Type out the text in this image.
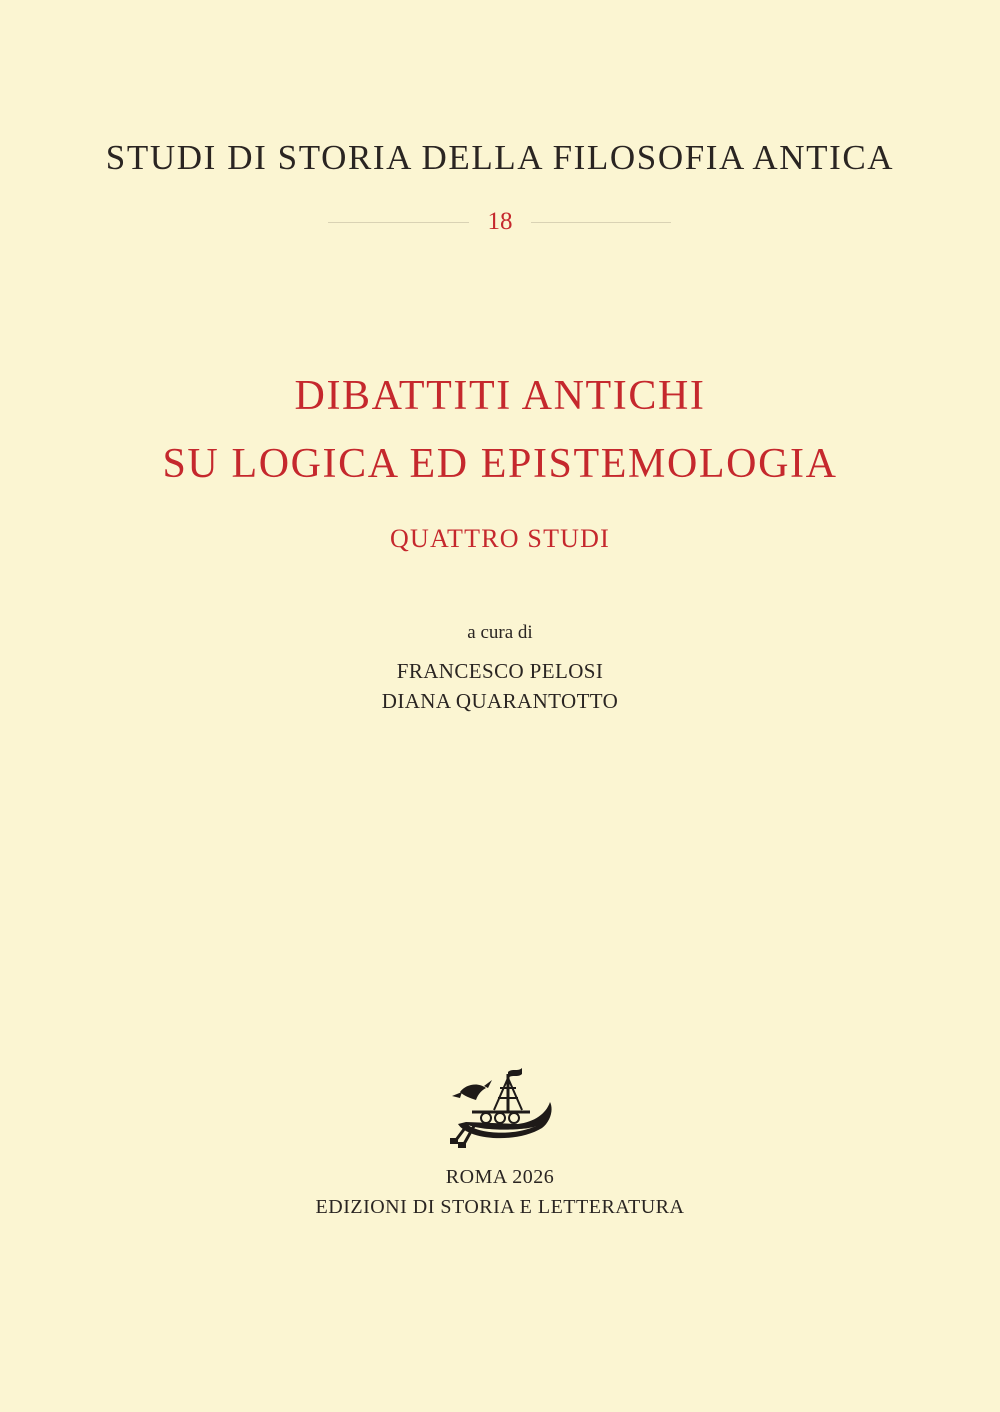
STUDI DI STORIA DELLA FILOSOFIA ANTICA
18
DIBATTITI ANTICHI
SU LOGICA ED EPISTEMOLOGIA
QUATTRO STUDI
a cura di
FRANCESCO PELOSI
DIANA QUARANTOTTO
ROMA 2026
EDIZIONI DI STORIA E LETTERATURA
